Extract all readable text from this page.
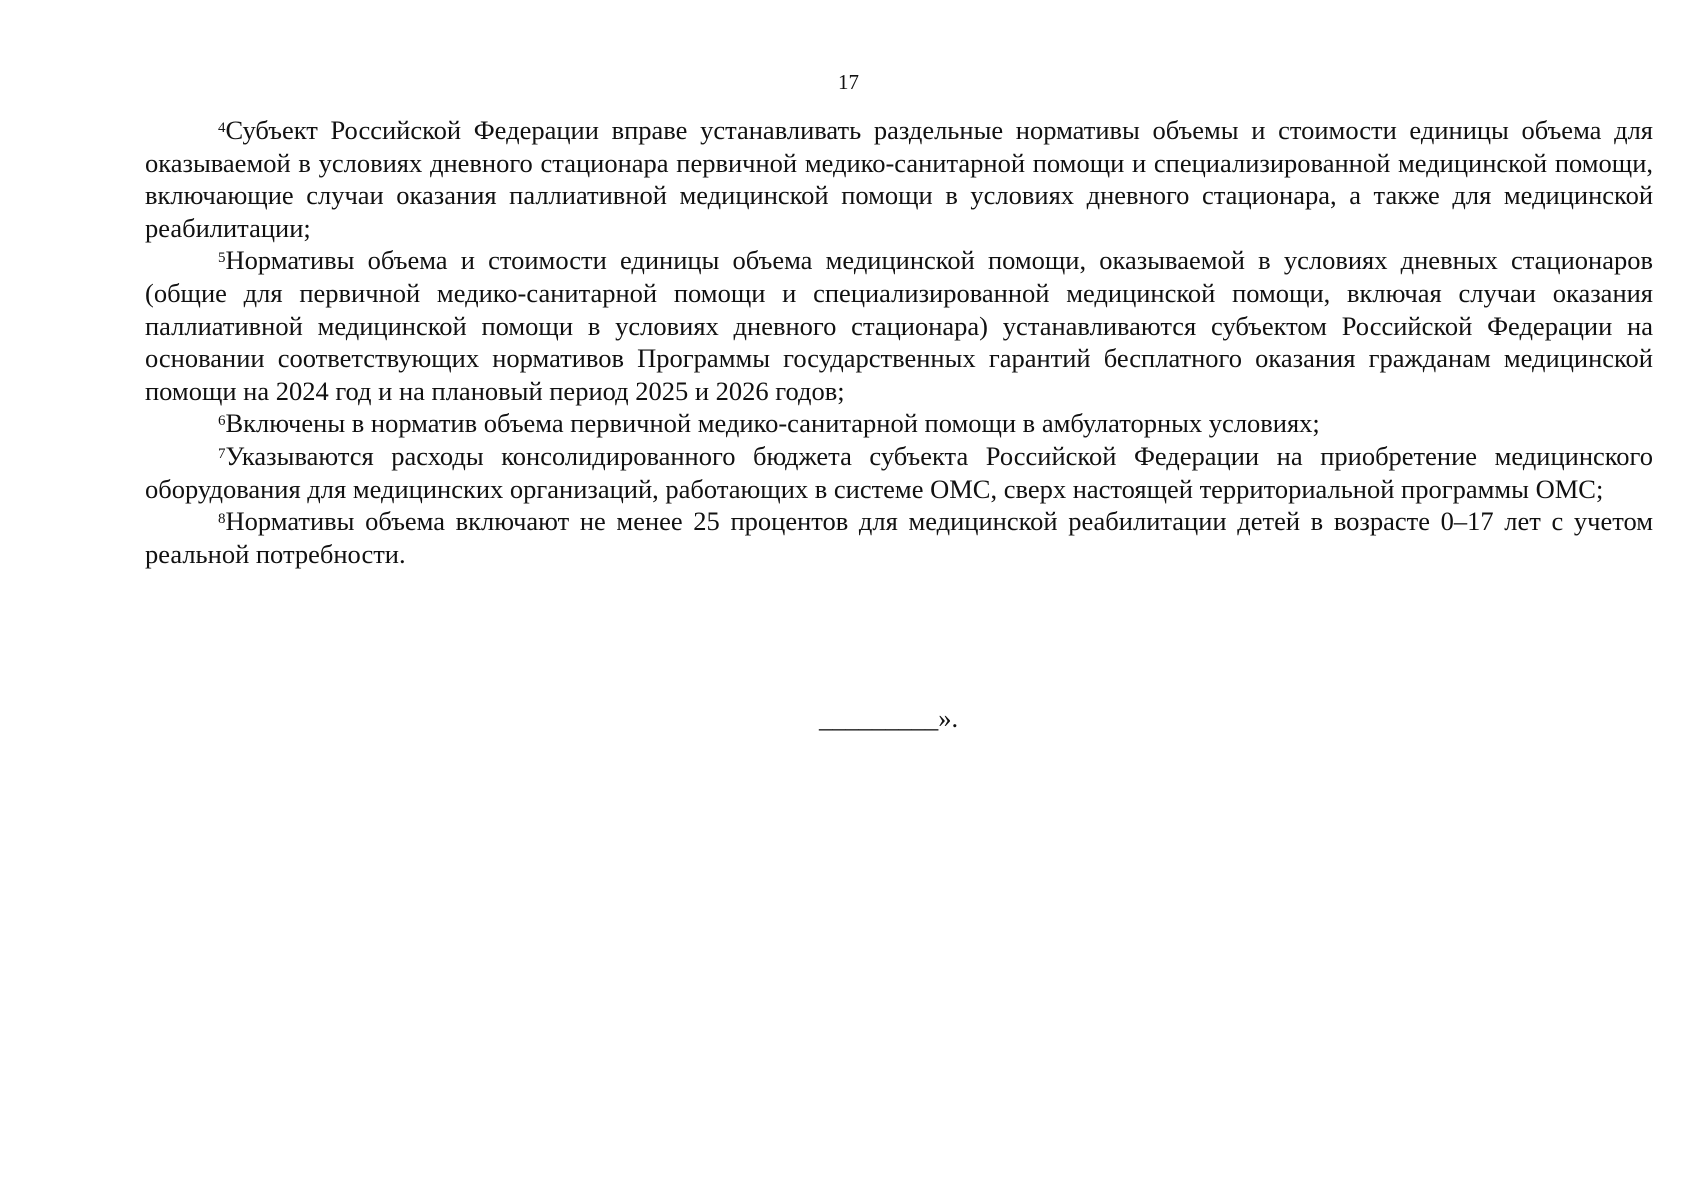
17

$^4$Субъект Российской Федерации вправе устанавливать раздельные нормативы объемы и стоимости единицы объема для оказываемой в условиях дневного стационара первичной медико-санитарной помощи и специализированной медицинской помощи, включающие случаи оказания паллиативной медицинской помощи в условиях дневного стационара, а также для медицинской реабилитации;

$^5$Нормативы объема и стоимости единицы объема медицинской помощи, оказываемой в условиях дневных стационаров (общие для первичной медико-санитарной помощи и специализированной медицинской помощи, включая случаи оказания паллиативной медицинской помощи в условиях дневного стационара) устанавливаются субъектом Российской Федерации на основании соответствующих нормативов Программы государственных гарантий бесплатного оказания гражданам медицинской помощи на 2024 год и на плановый период 2025 и 2026 годов;

$^6$Включены в норматив объема первичной медико-санитарной помощи в амбулаторных условиях;

$^7$Указываются расходы консолидированного бюджета субъекта Российской Федерации на приобретение медицинского оборудования для медицинских организаций, работающих в системе ОМС, сверх настоящей территориальной программы ОМС;

$^8$Нормативы объема включают не менее 25 процентов для медицинской реабилитации детей в возрасте 0–17 лет с учетом реальной потребности.

_________».
